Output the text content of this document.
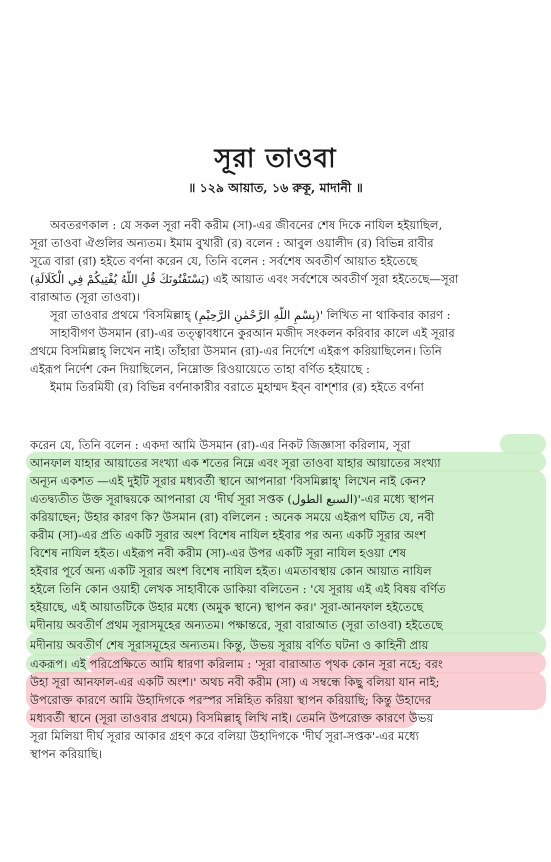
সূরা তাওবা
॥ ১২৯ আয়াত, ১৬ রুকূ, মাদানী ॥
অবতরণকাল : যে সকল সূরা নবী করীম (সা)-এর জীবনের শেষ দিকে নাযিল হইয়াছিল,
সূরা তাওবা ঐগুলির অন্যতম। ইমাম বুখারী (র) বলেন : আবুল ওয়ালীদ (র) বিভিন্ন রাবীর
সূত্রে বারা (রা) হইতে বর্ণনা করেন যে, তিনি বলেন : সর্বশেষ অবতীর্ণ আয়াত হইতেছে
(يَسْتَفْتُونَكَ قُلِ اللَّهُ يُفْتِيكُمْ فِي الْكَلَالَةِ) এই আয়াত এবং সর্বশেষে অবতীর্ণ সূরা হইতেছে—সূরা
বারাআত (সূরা তাওবা)।
সূরা তাওবার প্রথমে 'বিসমিল্লাহ্ (بِسْمِ اللَّهِ الرَّحْمٰنِ الرَّحِيْمِ)' লিখিত না থাকিবার কারণ :
সাহাবীগণ উসমান (রা)-এর তত্ত্বাবধানে কুরআন মজীদ সংকলন করিবার কালে এই সূরার
প্রথমে বিসমিল্লাহ্ লিখেন নাই। তাঁহারা উসমান (রা)-এর নির্দেশে এইরূপ করিয়াছিলেন। তিনি
এইরূপ নির্দেশ কেন দিয়াছিলেন, নিম্নোক্ত রিওয়ায়েতে তাহা বর্ণিত হইয়াছে :
ইমাম তিরমিযী (র) বিভিন্ন বর্ণনাকারীর বরাতে মুহাম্মদ ইব্‌ন বাশ্‌শার (র) হইতে বর্ণনা
করেন যে, তিনি বলেন : একদা আমি উসমান (রা)-এর নিকট জিজ্ঞাসা করিলাম, সূরা
আনফাল যাহার আয়াতের সংখ্যা এক শতের নিম্নে এবং সূরা তাওবা যাহার আয়াতের সংখ্যা
অন্যূন একশত —এই দুইটি সূরার মধ্যবর্তী স্থানে আপনারা 'বিসমিল্লাহ্' লিখেন নাই কেন?
এতদ্ব্যতীত উক্ত সূরাদ্বয়কে আপনারা যে 'দীর্ঘ সূরা সপ্তক (السبع الطول)'-এর মধ্যে স্থাপন
করিয়াছেন; উহার কারণ কি? উসমান (রা) বলিলেন : অনেক সময়ে এইরূপ ঘটিত যে, নবী
করীম (সা)-এর প্রতি একটি সূরার অংশ বিশেষ নাযিল হইবার পর অন্য একটি সূরার অংশ
বিশেষ নাযিল হইত। এইরূপ নবী করীম (সা)-এর উপর একটি সূরা নাযিল হওয়া শেষ
হইবার পূর্বে অন্য একটি সূরার অংশ বিশেষ নাযিল হইত। এমতাবস্থায় কোন আয়াত নাযিল
হইলে তিনি কোন ওয়াহী লেখক সাহাবীকে ডাকিয়া বলিতেন : 'যে সূরায় এই এই বিষয় বর্ণিত
হইয়াছে, এই আয়াতটিকে উহার মধ্যে (অমুক স্থানে) স্থাপন কর।' সূরা-আনফাল হইতেছে
মদীনায় অবতীর্ণ প্রথম সূরাসমূহের অন্যতম। পক্ষান্তরে, সূরা বারাআত (সূরা তাওবা) হইতেছে
মদীনায় অবতীর্ণ শেষ সূরাসমূহের অন্যতম। কিন্তু, উভয় সূরায় বর্ণিত ঘটনা ও কাহিনী প্রায়
একরূপ। এই পরিপ্রেক্ষিতে আমি ধারণা করিলাম : 'সূরা বারাআত পৃথক কোন সূরা নহে; বরং
উহা সূরা আনফাল-এর একটি অংশ।' অথচ নবী করীম (সা) এ সম্বন্ধে কিছু বলিয়া যান নাই;
উপরোক্ত কারণে আমি উহাদিগকে পরস্পর সন্নিহিত করিয়া স্থাপন করিয়াছি; কিন্তু উহাদের
মধ্যবর্তী স্থানে (সূরা তাওবার প্রথমে) বিসমিল্লাহ্ লিখি নাই। তেমনি উপরোক্ত কারণে উভয়
সূরা মিলিয়া দীর্ঘ সূরার আকার গ্রহণ করে বলিয়া উহাদিগকে 'দীর্ঘ সূরা-সপ্তক'-এর মধ্যে
স্থাপন করিয়াছি।
